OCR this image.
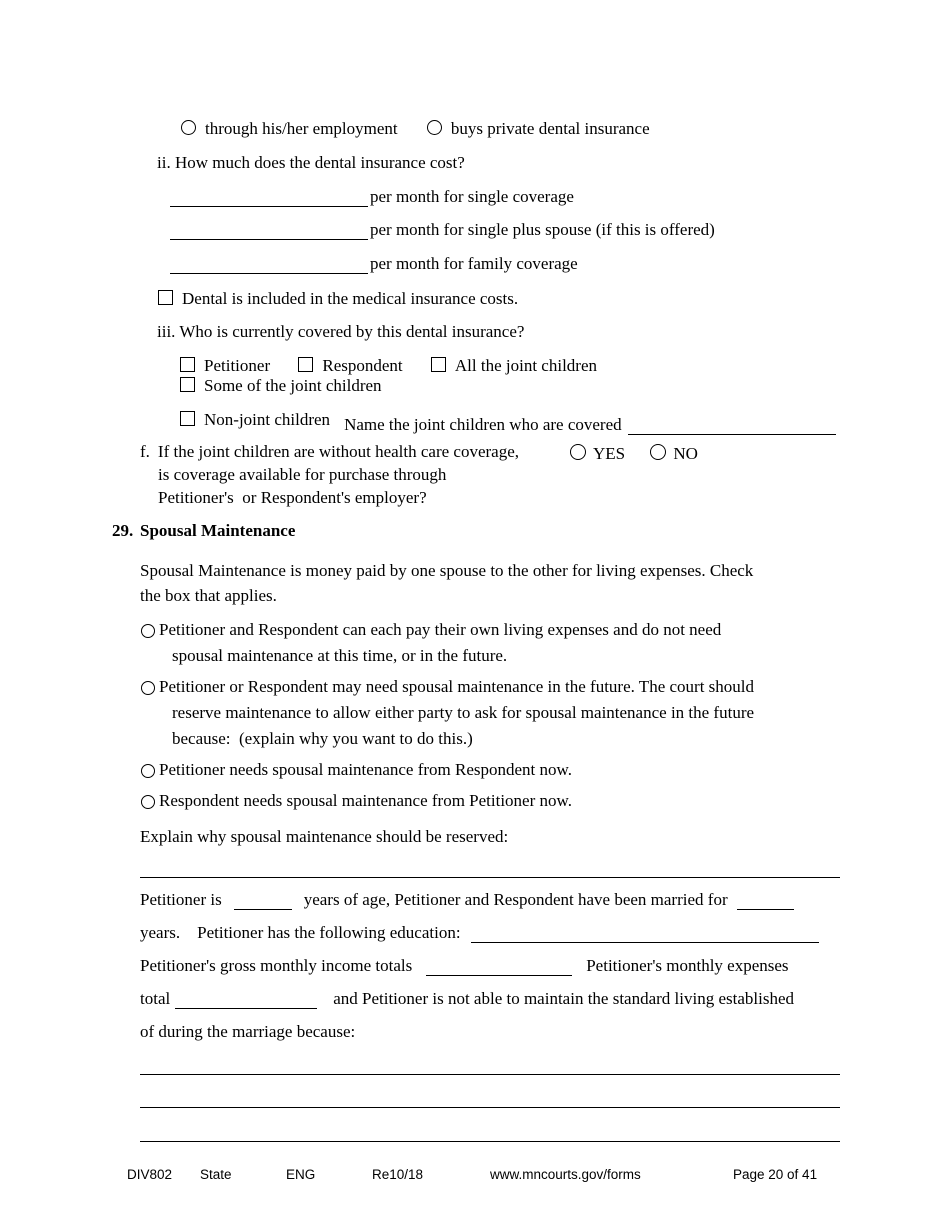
through his/her employment	buys private dental insurance
ii. How much does the dental insurance cost?
per month for single coverage
per month for single plus spouse (if this is offered)
per month for family coverage
Dental is included in the medical insurance costs.
iii. Who is currently covered by this dental insurance?
Petitioner	Respondent	All the joint children Some of the joint children
Non-joint children Name the joint children who are covered
f. If the joint children are without health care coverage,
is coverage available for purchase through
Petitioner's  or Respondent's employer?
YES	NO
29. Spousal Maintenance
Spousal Maintenance is money paid by one spouse to the other for living expenses. Check
the box that applies.
Petitioner and Respondent can each pay their own living expenses and do not need
spousal maintenance at this time, or in the future.
Petitioner or Respondent may need spousal maintenance in the future. The court should
reserve maintenance to allow either party to ask for spousal maintenance in the future
because:  (explain why you want to do this.)
Petitioner needs spousal maintenance from Respondent now.
Respondent needs spousal maintenance from Petitioner now.
Explain why spousal maintenance should be reserved:
Petitioner is	years of age, Petitioner and Respondent have been married for
years. Petitioner has the following education:
Petitioner's gross monthly income totals	Petitioner's monthly expenses
total	and Petitioner is not able to maintain the standard living established
of during the marriage because:
DIV802 State	ENG	Re10/18	www.mncourts.gov/forms	Page 20 of 41
